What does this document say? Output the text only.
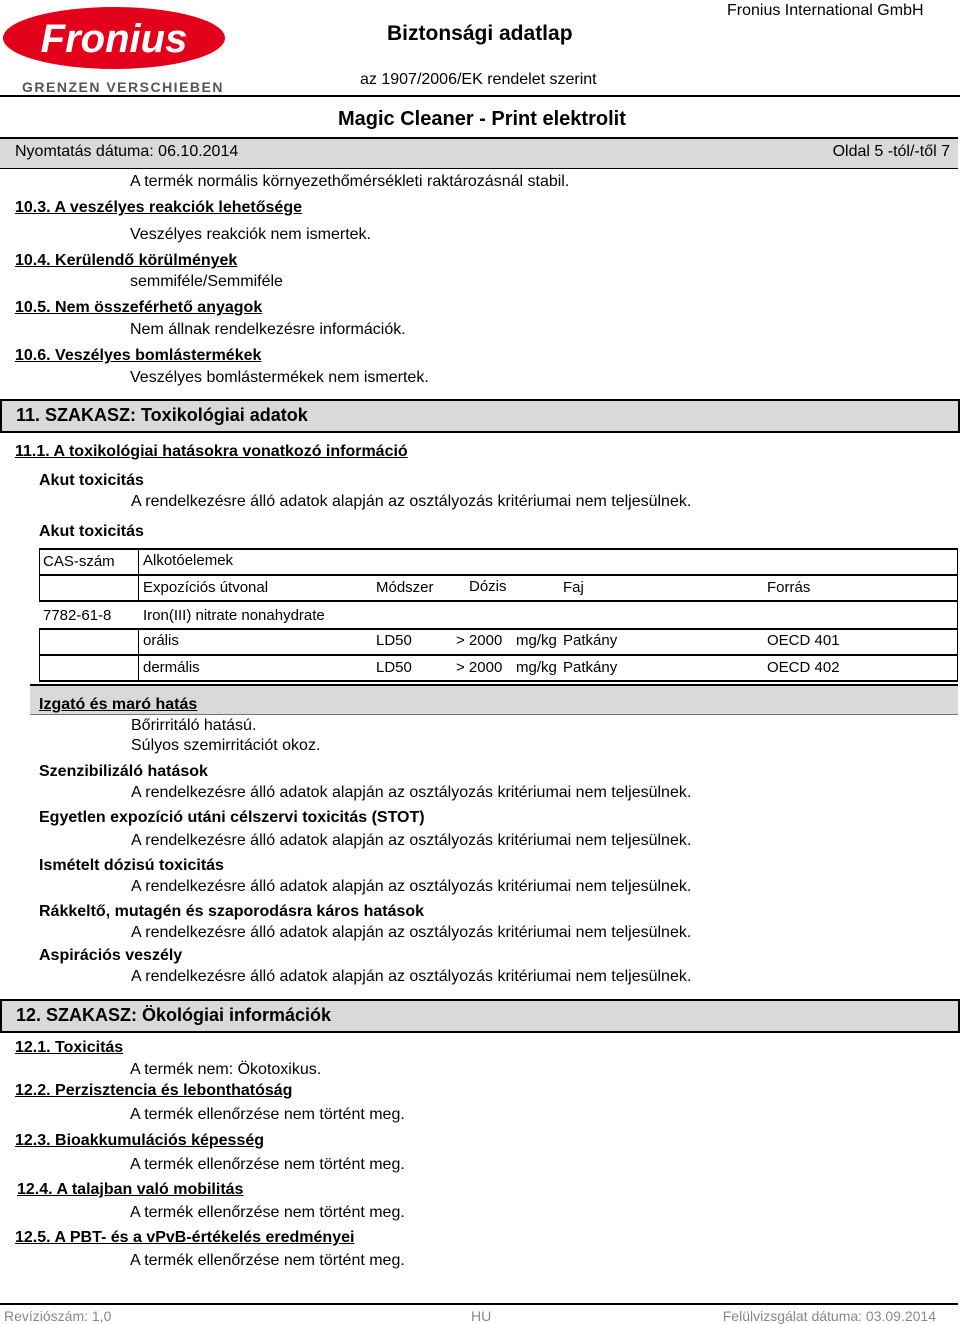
Fronius
GRENZEN VERSCHIEBEN
Biztonsági adatlap
az 1907/2006/EK rendelet szerint
Fronius International GmbH
Magic Cleaner - Print elektrolit
Nyomtatás dátuma: 06.10.2014	Oldal 5 -tól/-től 7
A termék normális környezethőmérsékleti raktározásnál stabil.
10.3. A veszélyes reakciók lehetősége
Veszélyes reakciók nem ismertek.
10.4. Kerülendő körülmények
semmiféle/Semmiféle
10.5. Nem összeférhető anyagok
Nem állnak rendelkezésre információk.
10.6. Veszélyes bomlástermékek
Veszélyes bomlástermékek nem ismertek.
11. SZAKASZ: Toxikológiai adatok
11.1. A toxikológiai hatásokra vonatkozó információ
Akut toxicitás
A rendelkezésre álló adatok alapján az osztályozás kritériumai nem teljesülnek.
Akut toxicitás
CAS-szám Alkotóelemek
Expozíciós útvonal	Módszer Dózis	Faj	Forrás
7782-61-8 Iron(III) nitrate nonahydrate
orális	LD50	> 2000 mg/kg Patkány	OECD 401
dermális	LD50	> 2000 mg/kg Patkány	OECD 402
Izgató és maró hatás
Bőrirritáló hatású.
Súlyos szemirritációt okoz.
Szenzibilizáló hatások
A rendelkezésre álló adatok alapján az osztályozás kritériumai nem teljesülnek.
Egyetlen expozíció utáni célszervi toxicitás (STOT)
A rendelkezésre álló adatok alapján az osztályozás kritériumai nem teljesülnek.
Ismételt dózisú toxicitás
A rendelkezésre álló adatok alapján az osztályozás kritériumai nem teljesülnek.
Rákkeltő, mutagén és szaporodásra káros hatások
A rendelkezésre álló adatok alapján az osztályozás kritériumai nem teljesülnek.
Aspirációs veszély
A rendelkezésre álló adatok alapján az osztályozás kritériumai nem teljesülnek.
12. SZAKASZ: Ökológiai információk
12.1. Toxicitás
A termék nem: Ökotoxikus.
12.2. Perzisztencia és lebonthatóság
A termék ellenőrzése nem történt meg.
12.3. Bioakkumulációs képesség
A termék ellenőrzése nem történt meg.
12.4. A talajban való mobilitás
A termék ellenőrzése nem történt meg.
12.5. A PBT- és a vPvB-értékelés eredményei
A termék ellenőrzése nem történt meg.
Revíziószám: 1,0	HU	Felülvizsgálat dátuma: 03.09.2014
